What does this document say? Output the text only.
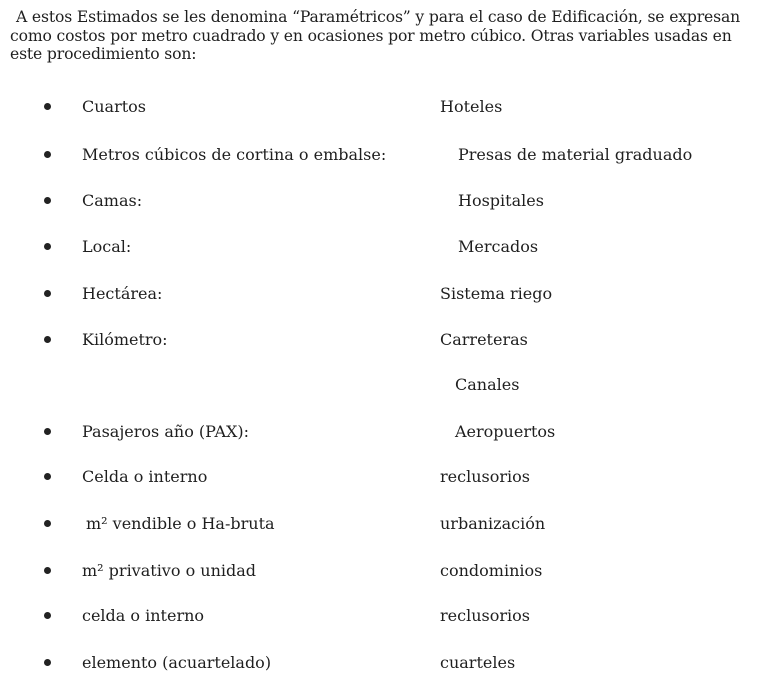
A estos Estimados se les denomina “Paramétricos” y para el caso de Edificación, se expresan
como costos por metro cuadrado y en ocasiones por metro cúbico. Otras variables usadas en
este procedimiento son:
Cuartos	Hoteles
Metros cúbicos de cortina o embalse:	Presas de material graduado
Camas:	Hospitales
Local:	Mercados
Hectárea:	Sistema riego
Kilómetro:	Carreteras
Canales
Pasajeros año (PAX):	Aeropuertos
Celda o interno	reclusorios
m² vendible o Ha-bruta	urbanización
m² privativo o unidad	condominios
celda o interno	reclusorios
elemento (acuartelado)	cuarteles
